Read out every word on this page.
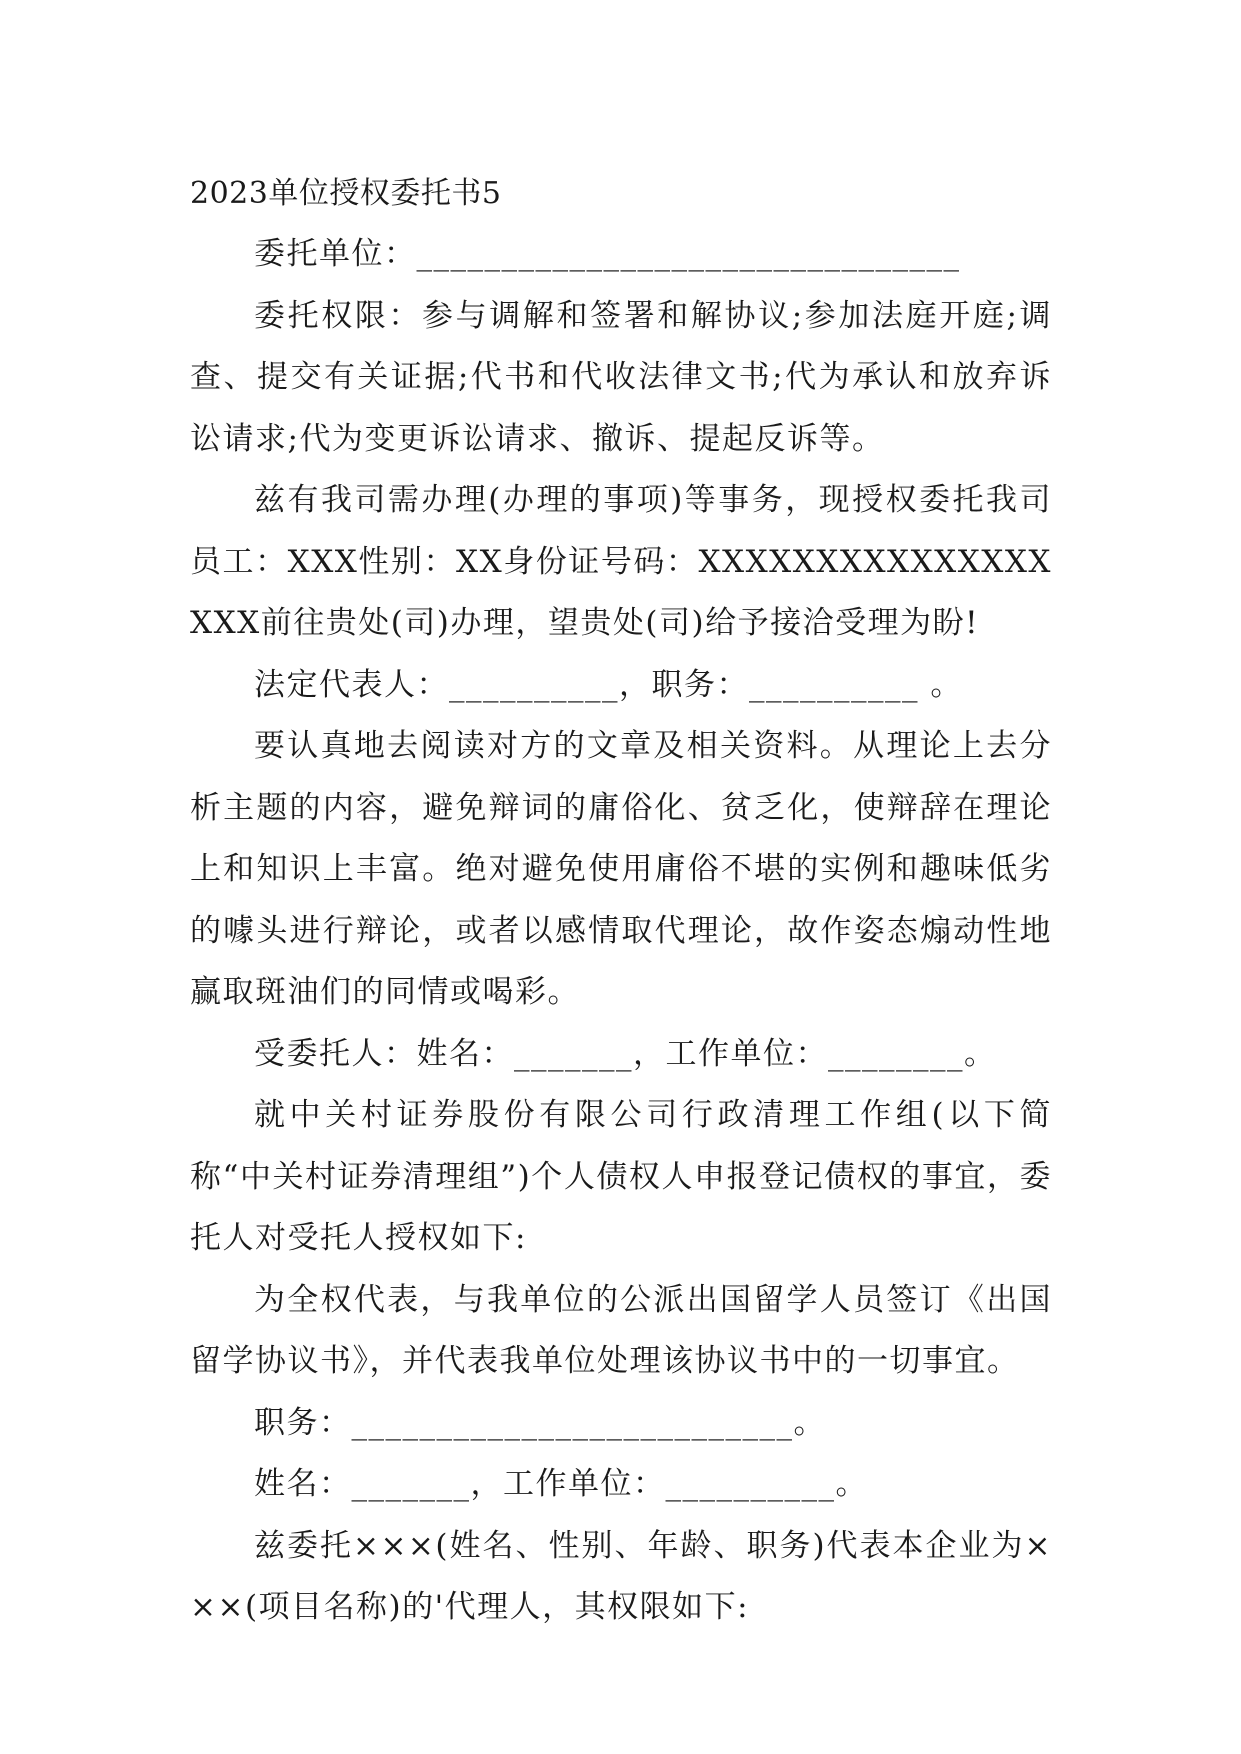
2023单位授权委托书5

委托单位：________________________________

委托权限：参与调解和签署和解协议;参加法庭开庭;调查、提交有关证据;代书和代收法律文书;代为承认和放弃诉讼请求;代为变更诉讼请求、撤诉、提起反诉等。

兹有我司需办理(办理的事项)等事务，现授权委托我司员工：XXX性别：XX身份证号码：XXXXXXXXXXXXXXXXXX前往贵处(司)办理，望贵处(司)给予接洽受理为盼!

法定代表人：__________，职务：__________ 。

要认真地去阅读对方的文章及相关资料。从理论上去分析主题的内容，避免辩词的庸俗化、贫乏化，使辩辞在理论上和知识上丰富。绝对避免使用庸俗不堪的实例和趣味低劣的噱头进行辩论，或者以感情取代理论，故作姿态煽动性地赢取斑油们的同情或喝彩。

受委托人：姓名：_______，工作单位：________。

就中关村证券股份有限公司行政清理工作组(以下简称“中关村证券清理组”)个人债权人申报登记债权的事宜，委托人对受托人授权如下:

为全权代表，与我单位的公派出国留学人员签订《出国留学协议书》，并代表我单位处理该协议书中的一切事宜。

职务：__________________________。

姓名：_______，工作单位：__________。

兹委托×××(姓名、性别、年龄、职务)代表本企业为×××(项目名称)的'代理人，其权限如下:
